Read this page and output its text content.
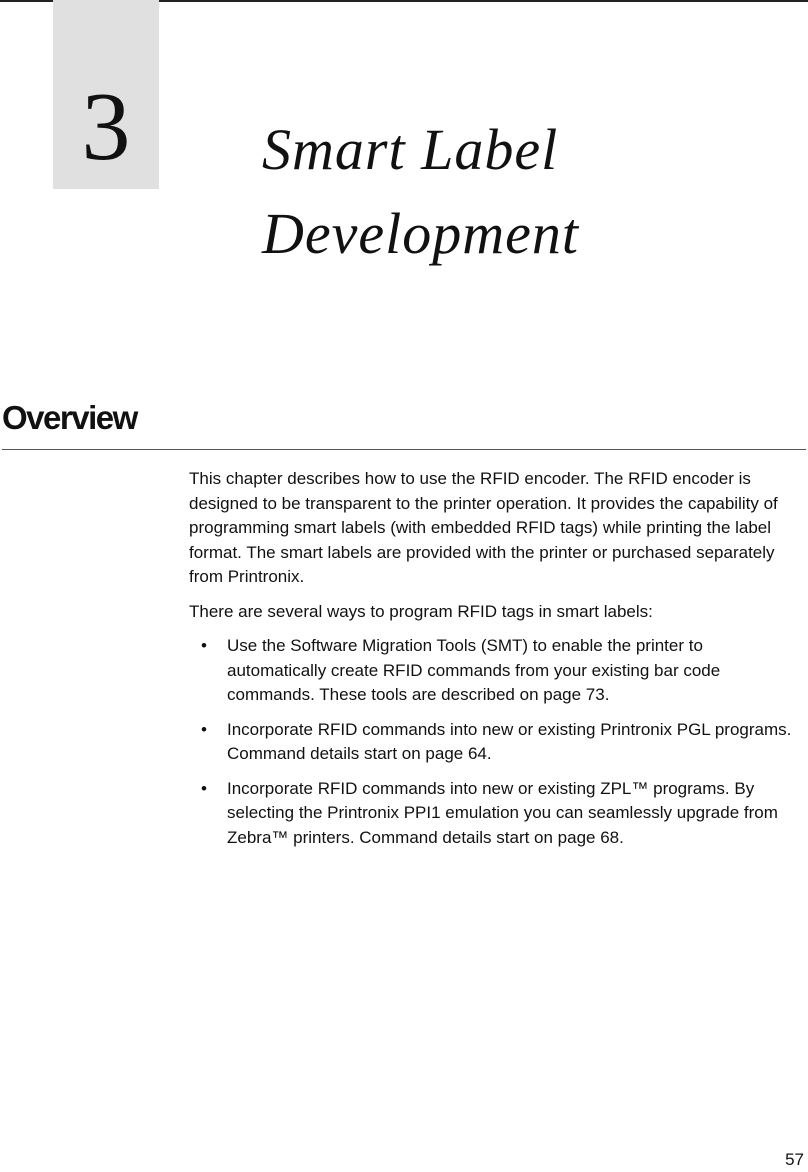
3	Smart Label
Development
Overview

This chapter describes how to use the RFID encoder. The RFID encoder is designed to be transparent to the printer operation. It provides the capability of programming smart labels (with embedded RFID tags) while printing the label format. The smart labels are provided with the printer or purchased separately from Printronix.

There are several ways to program RFID tags in smart labels:

• Use the Software Migration Tools (SMT) to enable the printer to automatically create RFID commands from your existing bar code commands. These tools are described on page 73.
• Incorporate RFID commands into new or existing Printronix PGL programs. Command details start on page 64.
• Incorporate RFID commands into new or existing ZPL™ programs. By selecting the Printronix PPI1 emulation you can seamlessly upgrade from Zebra™ printers. Command details start on page 68.
57
